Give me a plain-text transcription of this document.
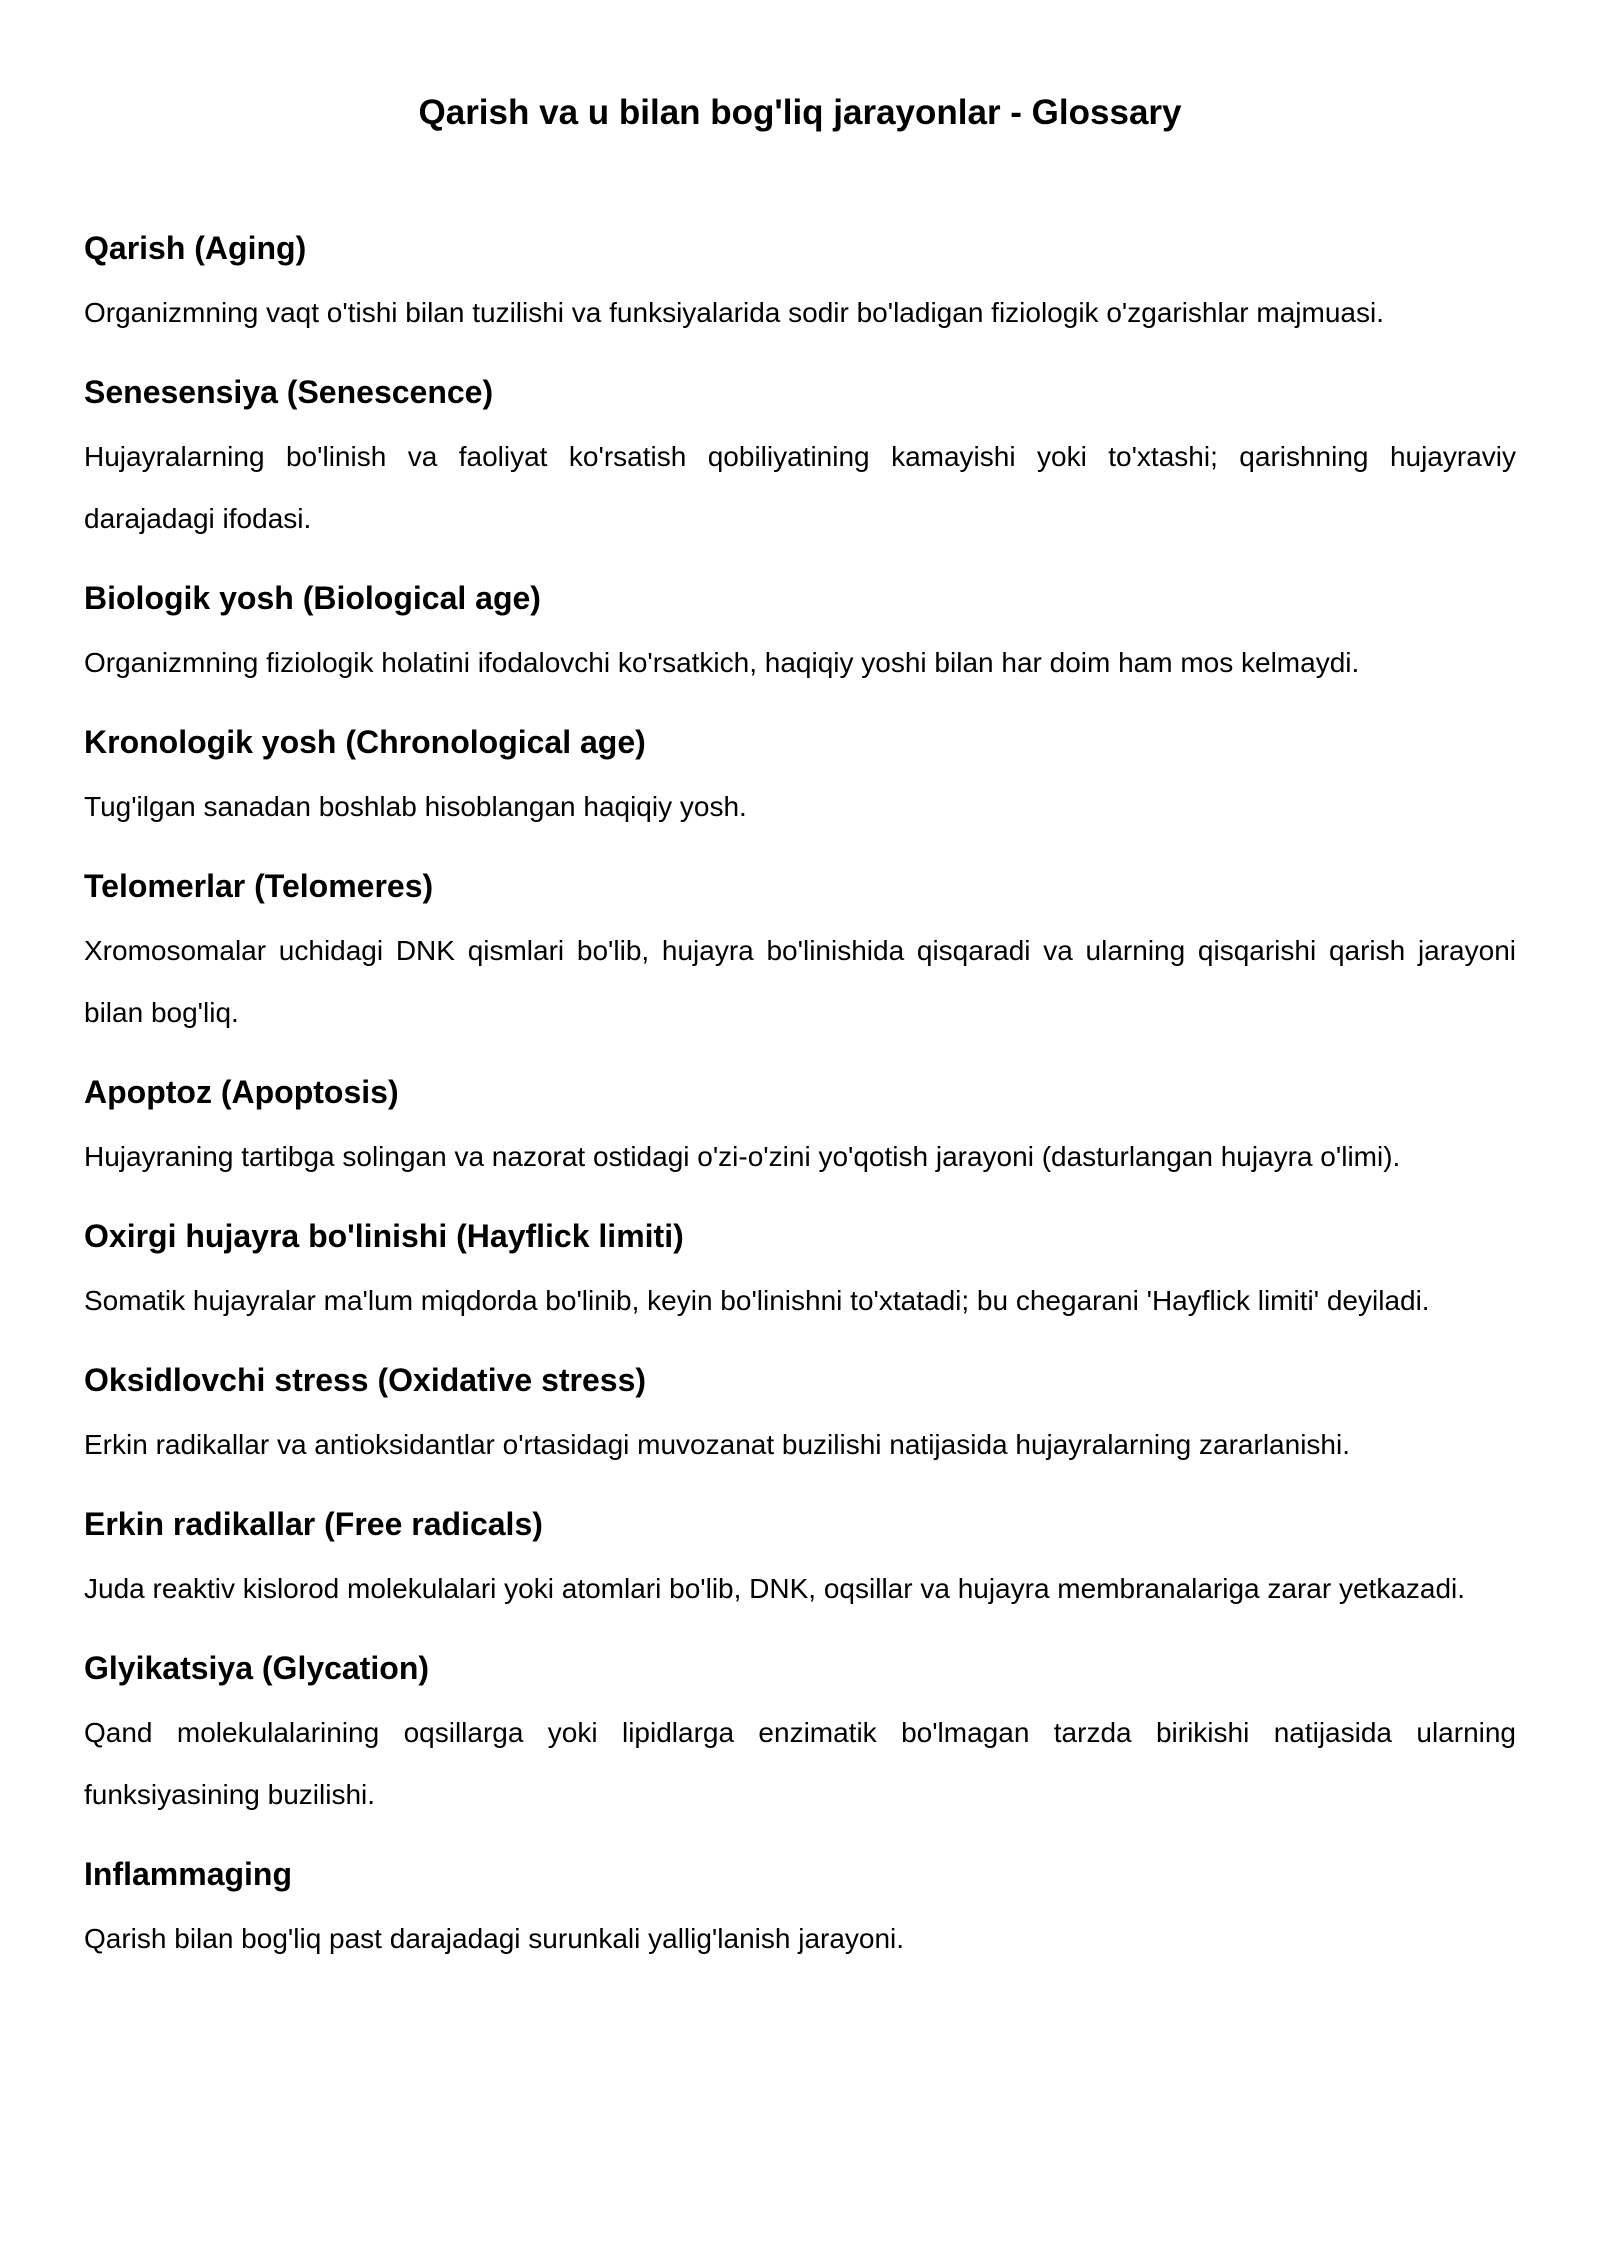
Qarish va u bilan bog'liq jarayonlar - Glossary
Qarish (Aging)

Organizmning vaqt o'tishi bilan tuzilishi va funksiyalarida sodir bo'ladigan fiziologik o'zgarishlar majmuasi.

Senesensiya (Senescence)

Hujayralarning bo'linish va faoliyat ko'rsatish qobiliyatining kamayishi yoki to'xtashi; qarishning hujayraviy darajadagi ifodasi.

Biologik yosh (Biological age)

Organizmning fiziologik holatini ifodalovchi ko'rsatkich, haqiqiy yoshi bilan har doim ham mos kelmaydi.

Kronologik yosh (Chronological age)

Tug'ilgan sanadan boshlab hisoblangan haqiqiy yosh.

Telomerlar (Telomeres)

Xromosomalar uchidagi DNK qismlari bo'lib, hujayra bo'linishida qisqaradi va ularning qisqarishi qarish jarayoni bilan bog'liq.

Apoptoz (Apoptosis)

Hujayraning tartibga solingan va nazorat ostidagi o'zi-o'zini yo'qotish jarayoni (dasturlangan hujayra o'limi).

Oxirgi hujayra bo'linishi (Hayflick limiti)

Somatik hujayralar ma'lum miqdorda bo'linib, keyin bo'linishni to'xtatadi; bu chegarani 'Hayflick limiti' deyiladi.

Oksidlovchi stress (Oxidative stress)

Erkin radikallar va antioksidantlar o'rtasidagi muvozanat buzilishi natijasida hujayralarning zararlanishi.

Erkin radikallar (Free radicals)

Juda reaktiv kislorod molekulalari yoki atomlari bo'lib, DNK, oqsillar va hujayra membranalariga zarar yetkazadi.

Glyikatsiya (Glycation)

Qand molekulalarining oqsillarga yoki lipidlarga enzimatik bo'lmagan tarzda birikishi natijasida ularning funksiyasining buzilishi.

Inflammaging

Qarish bilan bog'liq past darajadagi surunkali yallig'lanish jarayoni.
